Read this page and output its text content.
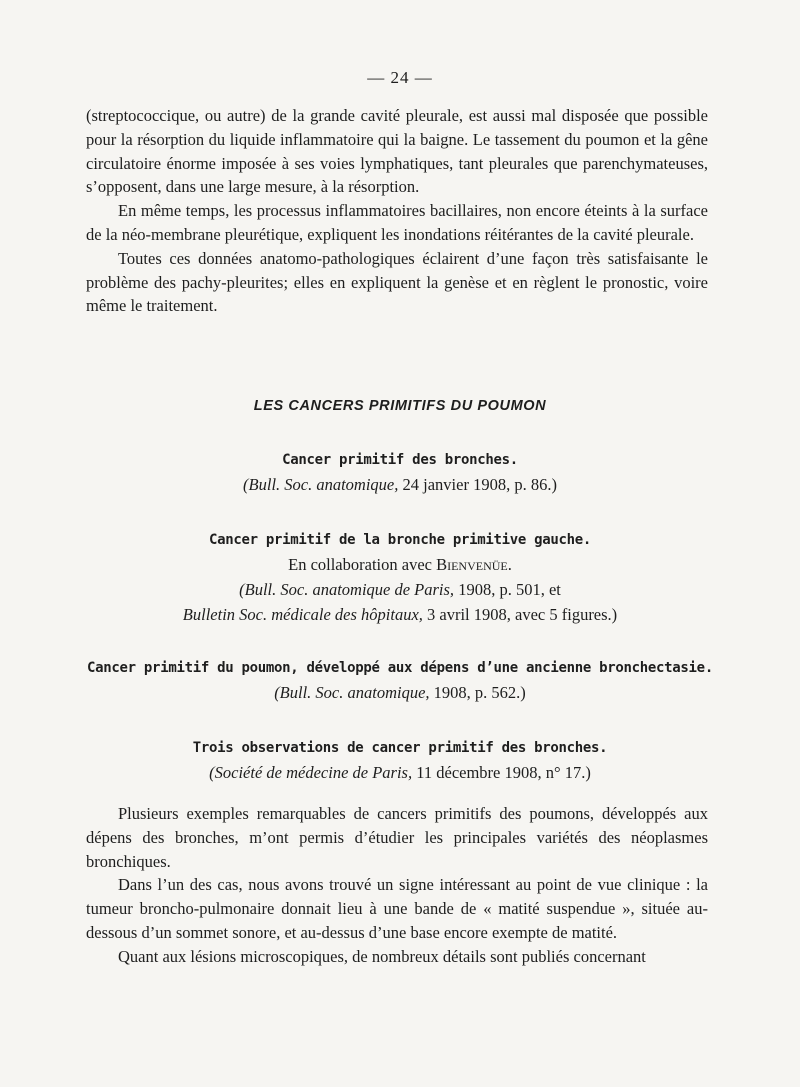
— 24 —

(streptococcique, ou autre) de la grande cavité pleurale, est aussi mal disposée que possible pour la résorption du liquide inflammatoire qui la baigne. Le tassement du poumon et la gêne circulatoire énorme imposée à ses voies lymphatiques, tant pleurales que parenchymateuses, s’opposent, dans une large mesure, à la résorption.

En même temps, les processus inflammatoires bacillaires, non encore éteints à la surface de la néo-membrane pleurétique, expliquent les inondations réitérantes de la cavité pleurale.

Toutes ces données anatomo-pathologiques éclairent d’une façon très satisfaisante le problème des pachy-pleurites; elles en expliquent la genèse et en règlent le pronostic, voire même le traitement.

LES CANCERS PRIMITIFS DU POUMON
Cancer primitif des bronches.
(Bull. Soc. anatomique, 24 janvier 1908, p. 86.)
Cancer primitif de la bronche primitive gauche.
En collaboration avec Bienvenüe.
(Bull. Soc. anatomique de Paris, 1908, p. 501, et
Bulletin Soc. médicale des hôpitaux, 3 avril 1908, avec 5 figures.)
Cancer primitif du poumon, développé aux dépens d’une ancienne bronchectasie.
(Bull. Soc. anatomique, 1908, p. 562.)
Trois observations de cancer primitif des bronches.
(Société de médecine de Paris, 11 décembre 1908, n° 17.)

Plusieurs exemples remarquables de cancers primitifs des poumons, développés aux dépens des bronches, m’ont permis d’étudier les principales variétés des néoplasmes bronchiques.

Dans l’un des cas, nous avons trouvé un signe intéressant au point de vue clinique : la tumeur broncho-pulmonaire donnait lieu à une bande de « matité suspendue », située au-dessous d’un sommet sonore, et au-dessus d’une base encore exempte de matité.

Quant aux lésions microscopiques, de nombreux détails sont publiés concernant
